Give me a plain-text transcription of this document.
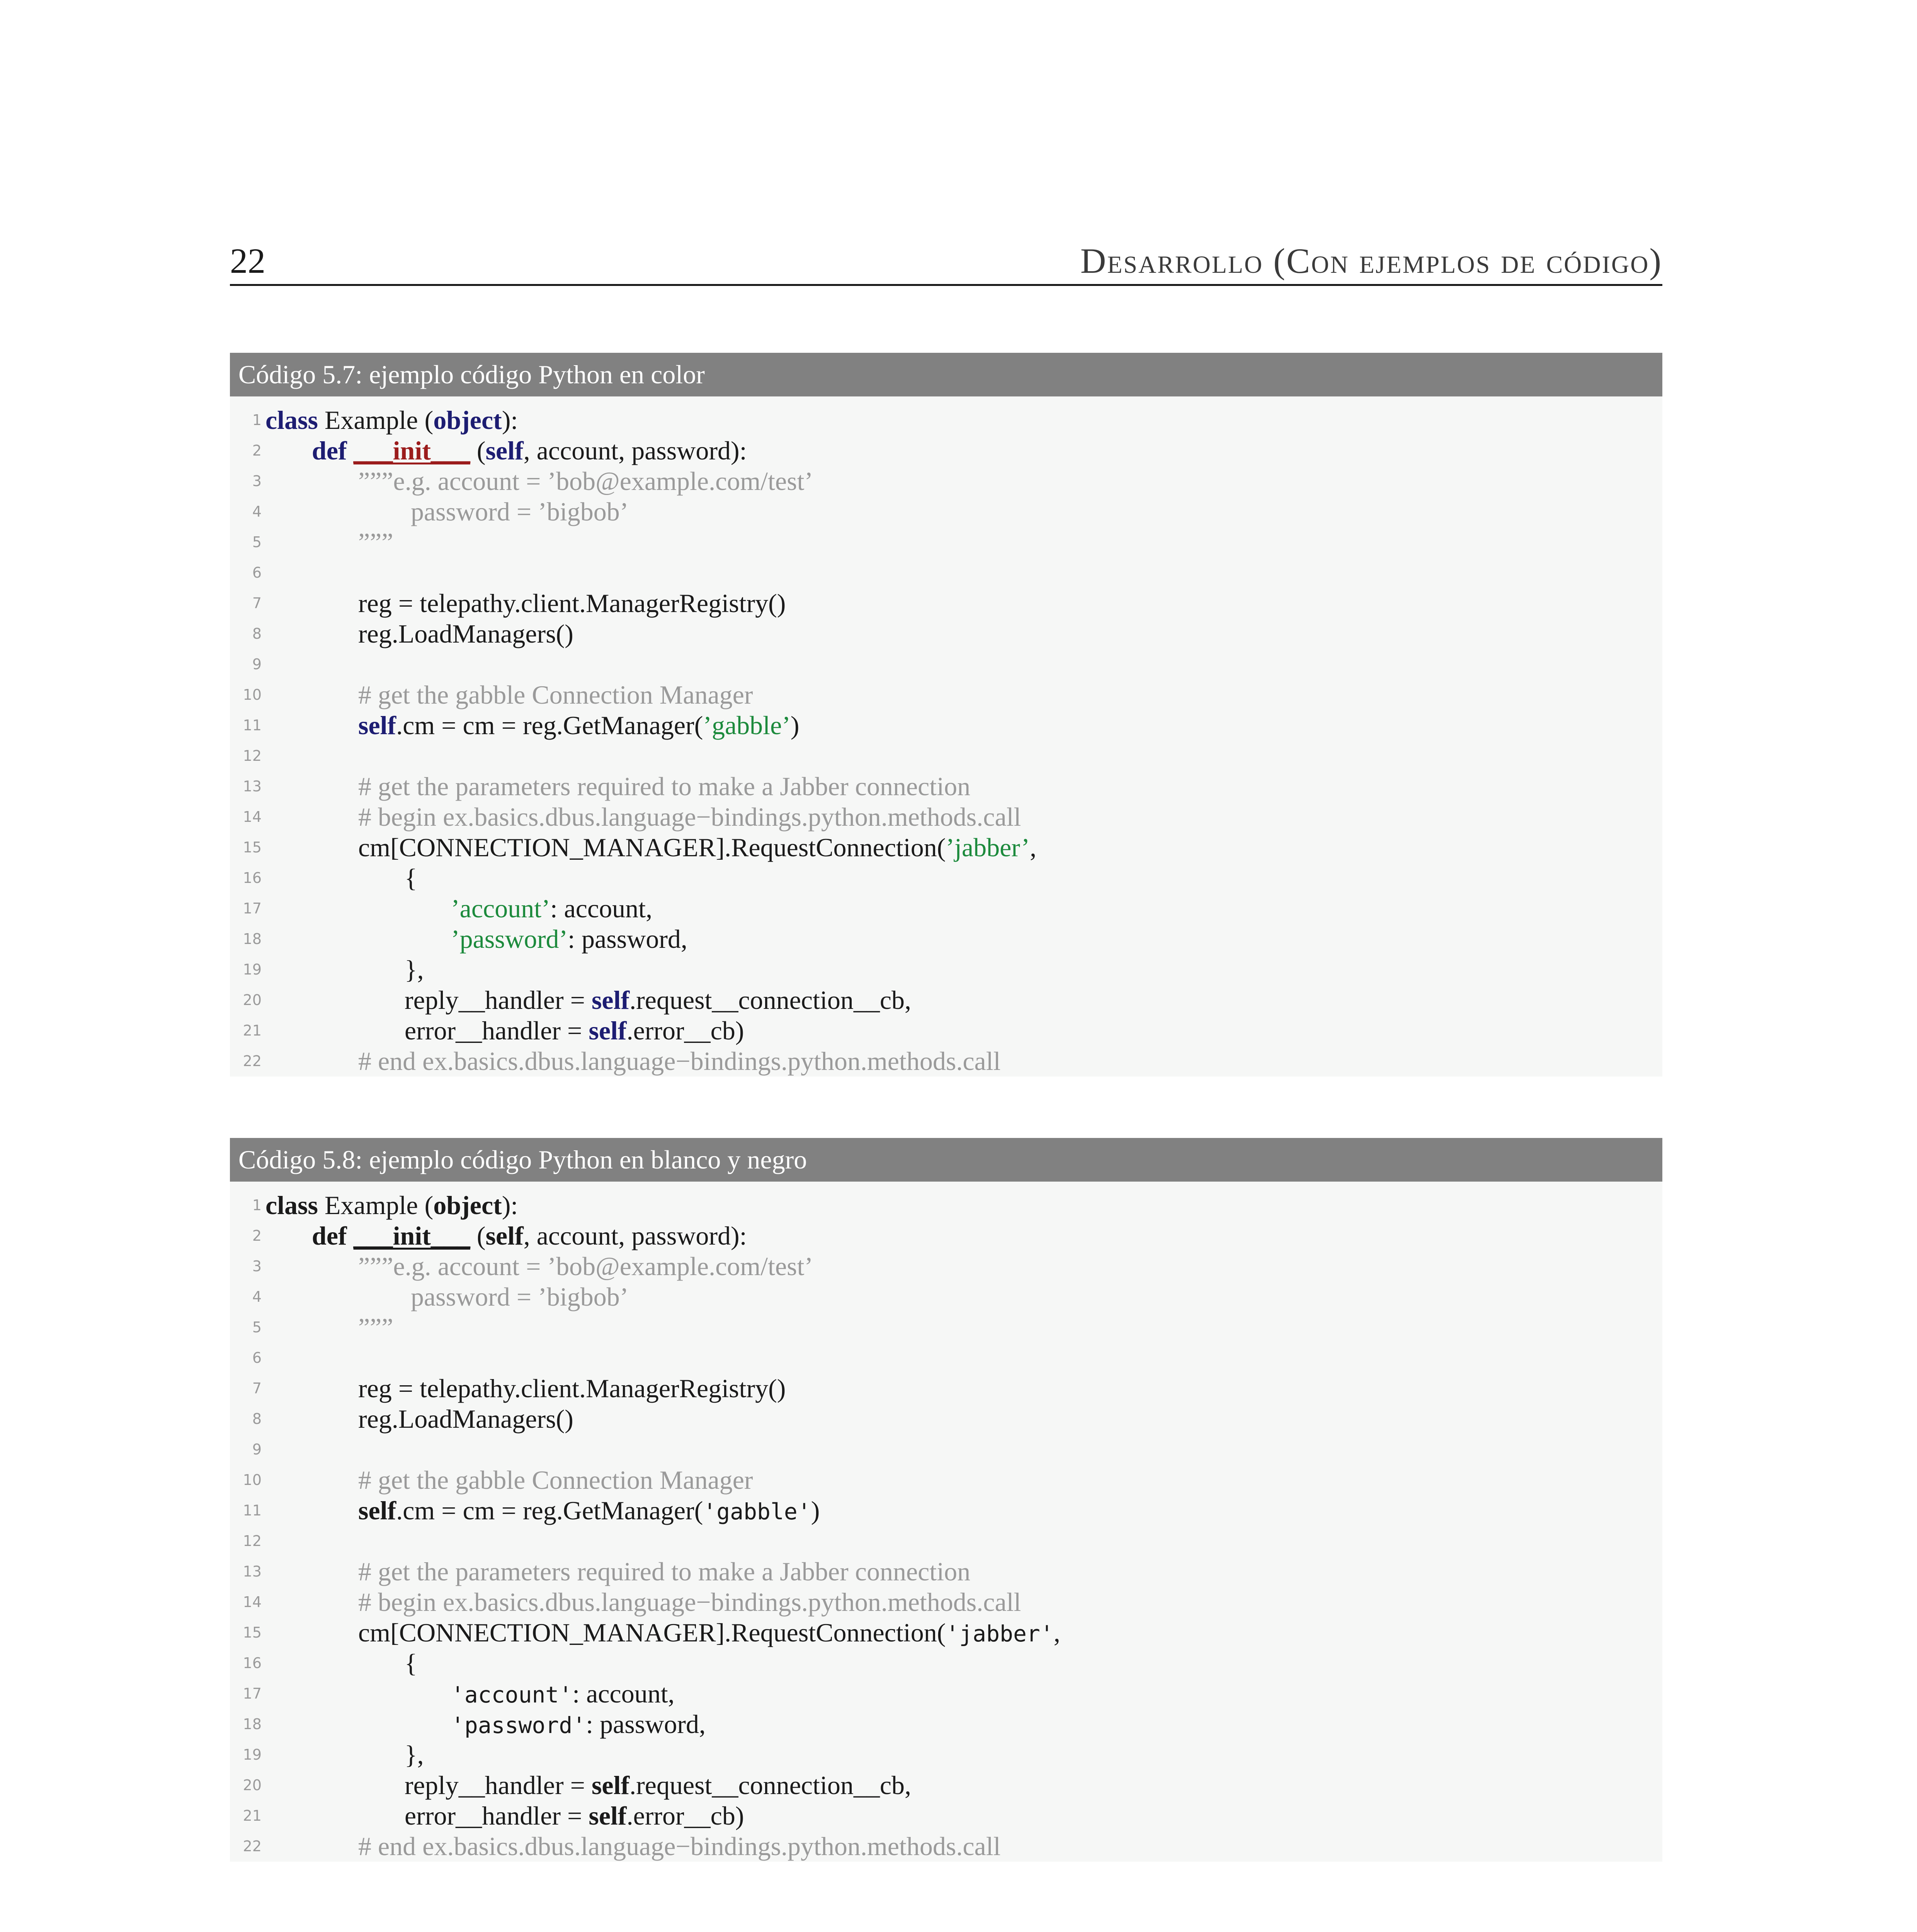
22	Desarrollo (Con ejemplos de código)
Código 5.7: ejemplo código Python en color
1 class Example (object):
2	def ___init___ (self, account, password):
3	”””e.g. account = ’bob@example.com/test’
4	password = ’bigbob’
5	”””
6
7	reg = telepathy.client.ManagerRegistry()
8	reg.LoadManagers()
9
10	# get the gabble Connection Manager
11	self.cm = cm = reg.GetManager(’gabble’)
12
13	# get the parameters required to make a Jabber connection
14	# begin ex.basics.dbus.language−bindings.python.methods.call
15	cm[CONNECTION_MANAGER].RequestConnection(’jabber’,
16	{
17	’account’: account,
18	’password’: password,
19	},
20	reply__handler = self.request__connection__cb,
21	error__handler = self.error__cb)
22	# end ex.basics.dbus.language−bindings.python.methods.call
Código 5.8: ejemplo código Python en blanco y negro
1 class Example (object):
2	def ___init___ (self, account, password):
3	”””e.g. account = ’bob@example.com/test’
4	password = ’bigbob’
5	”””
6
7	reg = telepathy.client.ManagerRegistry()
8	reg.LoadManagers()
9
10	# get the gabble Connection Manager
11	self.cm = cm = reg.GetManager('gabble')
12
13	# get the parameters required to make a Jabber connection
14	# begin ex.basics.dbus.language−bindings.python.methods.call
15	cm[CONNECTION_MANAGER].RequestConnection('jabber',
16	{
17	'account': account,
18	'password': password,
19	},
20	reply__handler = self.request__connection__cb,
21	error__handler = self.error__cb)
22	# end ex.basics.dbus.language−bindings.python.methods.call
